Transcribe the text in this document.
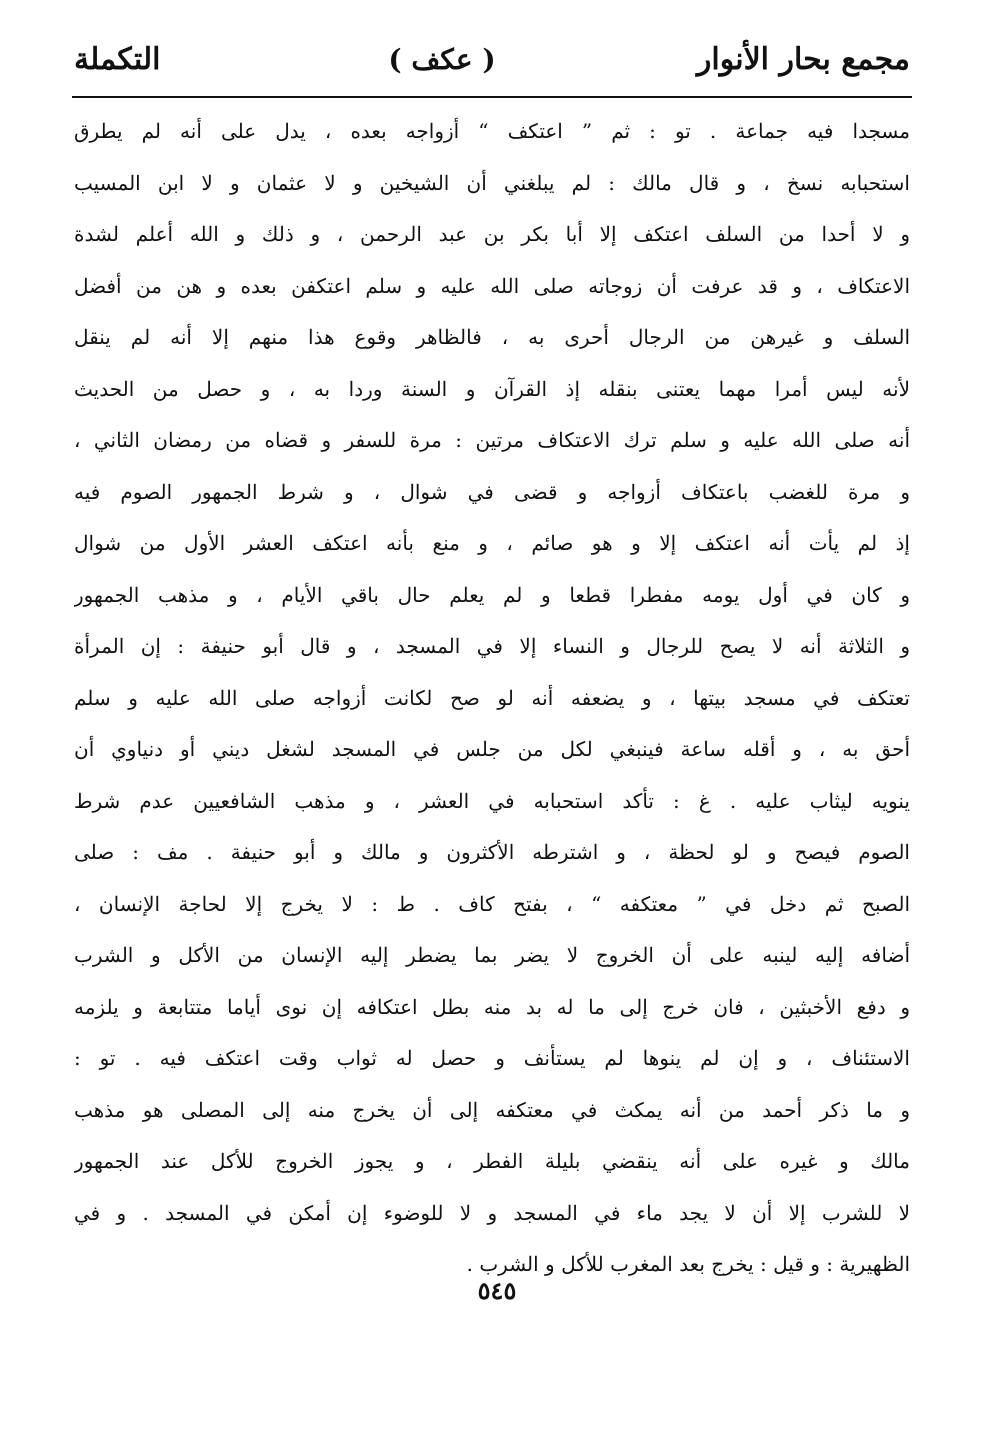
مجمع بحار الأنوار
( عكف )
التكملة
مسجدا فيه جماعة . تو : ثم ” اعتكف “ أزواجه بعده ، يدل على أنه لم يطرق
استحبابه نسخ ، و قال مالك : لم يبلغني أن الشيخين و لا عثمان و لا ابن المسيب
و لا أحدا من السلف اعتكف إلا أبا بكر بن عبد الرحمن ، و ذلك و الله أعلم لشدة
الاعتكاف ، و قد عرفت أن زوجاته صلى الله عليه و سلم اعتكفن بعده و هن من أفضل
السلف و غيرهن من الرجال أحرى به ، فالظاهر وقوع هذا منهم إلا أنه لم ينقل
لأنه ليس أمرا مهما يعتنى بنقله إذ القرآن و السنة وردا به ، و حصل من الحديث
أنه صلى الله عليه و سلم ترك الاعتكاف مرتين : مرة للسفر و قضاه من رمضان الثاني ،
و مرة للغضب باعتكاف أزواجه و قضى في شوال ، و شرط الجمهور الصوم فيه
إذ لم يأت أنه اعتكف إلا و هو صائم ، و منع بأنه اعتكف العشر الأول من شوال
و كان في أول يومه مفطرا قطعا و لم يعلم حال باقي الأيام ، و مذهب الجمهور
و الثلاثة أنه لا يصح للرجال و النساء إلا في المسجد ، و قال أبو حنيفة : إن المرأة
تعتكف في مسجد بيتها ، و يضعفه أنه لو صح لكانت أزواجه صلى الله عليه و سلم
أحق به ، و أقله ساعة فينبغي لكل من جلس في المسجد لشغل ديني أو دنياوي أن
ينويه ليثاب عليه . غ : تأكد استحبابه في العشر ، و مذهب الشافعيين عدم شرط
الصوم فيصح و لو لحظة ، و اشترطه الأكثرون و مالك و أبو حنيفة . مف : صلى
الصبح ثم دخل في ” معتكفه “ ، بفتح كاف . ط : لا يخرج إلا لحاجة الإنسان ،
أضافه إليه لينبه على أن الخروج لا يضر بما يضطر إليه الإنسان من الأكل و الشرب
و دفع الأخبثين ، فان خرج إلى ما له بد منه بطل اعتكافه إن نوى أياما متتابعة و يلزمه
الاستئناف ، و إن لم ينوها لم يستأنف و حصل له ثواب وقت اعتكف فيه . تو :
و ما ذكر أحمد من أنه يمكث في معتكفه إلى أن يخرج منه إلى المصلى هو مذهب
مالك و غيره على أنه ينقضي بليلة الفطر ، و يجوز الخروج للأكل عند الجمهور
لا للشرب إلا أن لا يجد ماء في المسجد و لا للوضوء إن أمكن في المسجد . و في
الظهيرية : و قيل : يخرج بعد المغرب للأكل و الشرب .
٥٤٥
